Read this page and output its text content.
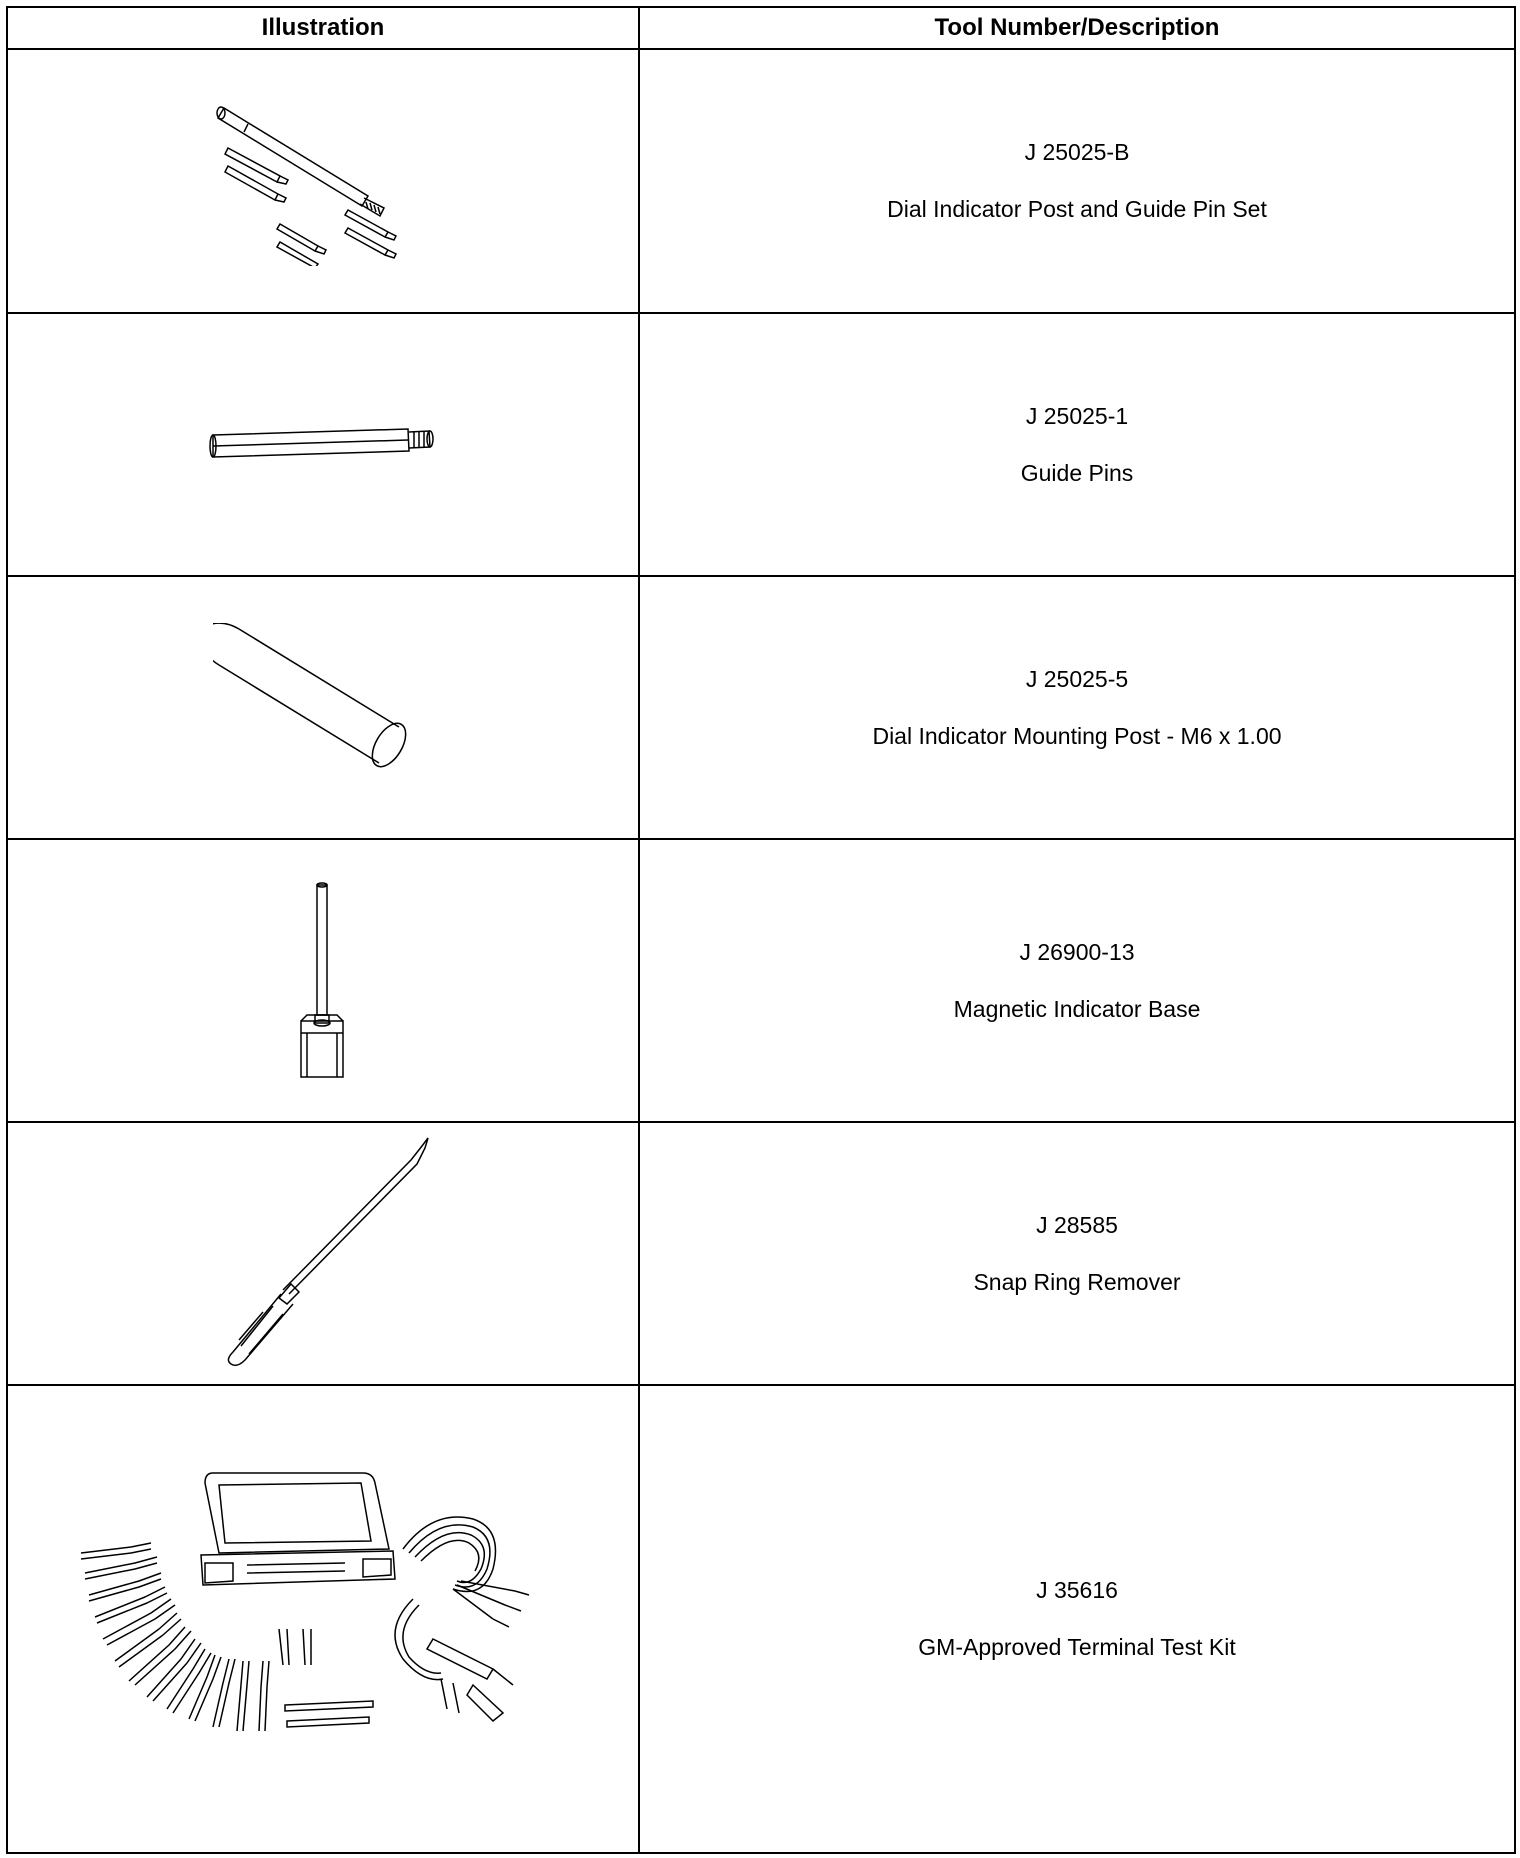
Illustration	Tool Number/Description

J 25025-B
Dial Indicator Post and Guide Pin Set

J 25025-1
Guide Pins

J 25025-5
Dial Indicator Mounting Post - M6 x 1.00

J 26900-13
Magnetic Indicator Base

J 28585
Snap Ring Remover

J 35616
GM-Approved Terminal Test Kit
